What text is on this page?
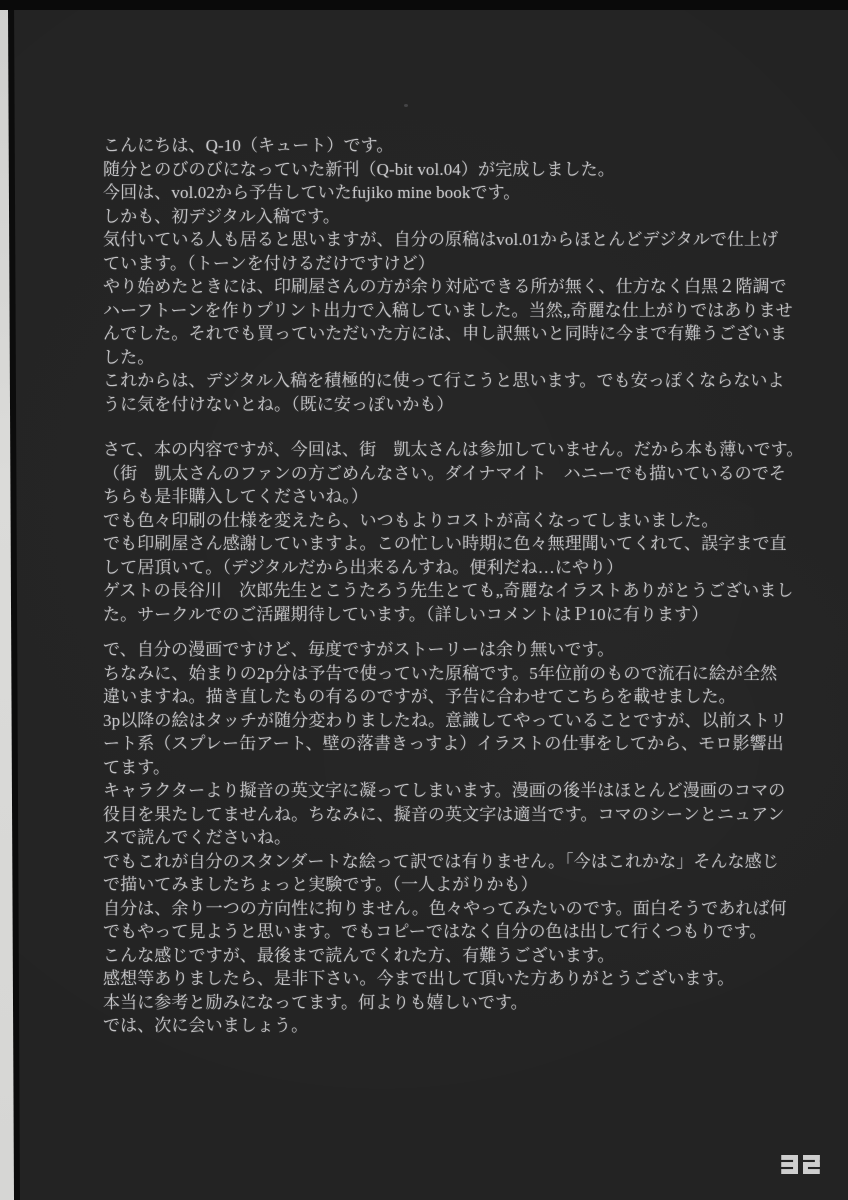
こんにちは、Q-10（キュート）です。
随分とのびのびになっていた新刊（Q-bit vol.04）が完成しました。
今回は、vol.02から予告していたfujiko mine bookです。
しかも、初デジタル入稿です。
気付いている人も居ると思いますが、自分の原稿はvol.01からほとんどデジタルで仕上げ
ています。（トーンを付けるだけですけど）
やり始めたときには、印刷屋さんの方が余り対応できる所が無く、仕方なく白黒２階調で
ハーフトーンを作りプリント出力で入稿していました。当然„奇麗な仕上がりではありませ
んでした。それでも買っていただいた方には、申し訳無いと同時に今まで有難うございま
した。
これからは、デジタル入稿を積極的に使って行こうと思います。でも安っぽくならないよ
うに気を付けないとね。（既に安っぽいかも）
さて、本の内容ですが、今回は、街　凱太さんは参加していません。だから本も薄いです。
（街　凱太さんのファンの方ごめんなさい。ダイナマイト　ハニーでも描いているのでそ
ちらも是非購入してくださいね。）
でも色々印刷の仕様を変えたら、いつもよりコストが高くなってしまいました。
でも印刷屋さん感謝していますよ。この忙しい時期に色々無理聞いてくれて、誤字まで直
して居頂いて。（デジタルだから出来るんすね。便利だね…にやり）
ゲストの長谷川　次郎先生とこうたろう先生とても„奇麗なイラストありがとうございまし
た。サークルでのご活躍期待しています。（詳しいコメントはＰ10に有ります）
で、自分の漫画ですけど、毎度ですがストーリーは余り無いです。
ちなみに、始まりの2p分は予告で使っていた原稿です。5年位前のもので流石に絵が全然
違いますね。描き直したもの有るのですが、予告に合わせてこちらを載せました。
3p以降の絵はタッチが随分変わりましたね。意識してやっていることですが、以前ストリ
ート系（スプレー缶アート、壁の落書きっすよ）イラストの仕事をしてから、モロ影響出
てます。
キャラクターより擬音の英文字に凝ってしまいます。漫画の後半はほとんど漫画のコマの
役目を果たしてませんね。ちなみに、擬音の英文字は適当です。コマのシーンとニュアン
スで読んでくださいね。
でもこれが自分のスタンダートな絵って訳では有りません。「今はこれかな」そんな感じ
で描いてみましたちょっと実験です。（一人よがりかも）
自分は、余り一つの方向性に拘りません。色々やってみたいのです。面白そうであれば何
でもやって見ようと思います。でもコピーではなく自分の色は出して行くつもりです。
こんな感じですが、最後まで読んでくれた方、有難うございます。
感想等ありましたら、是非下さい。今まで出して頂いた方ありがとうございます。
本当に参考と励みになってます。何よりも嬉しいです。
では、次に会いましょう。
